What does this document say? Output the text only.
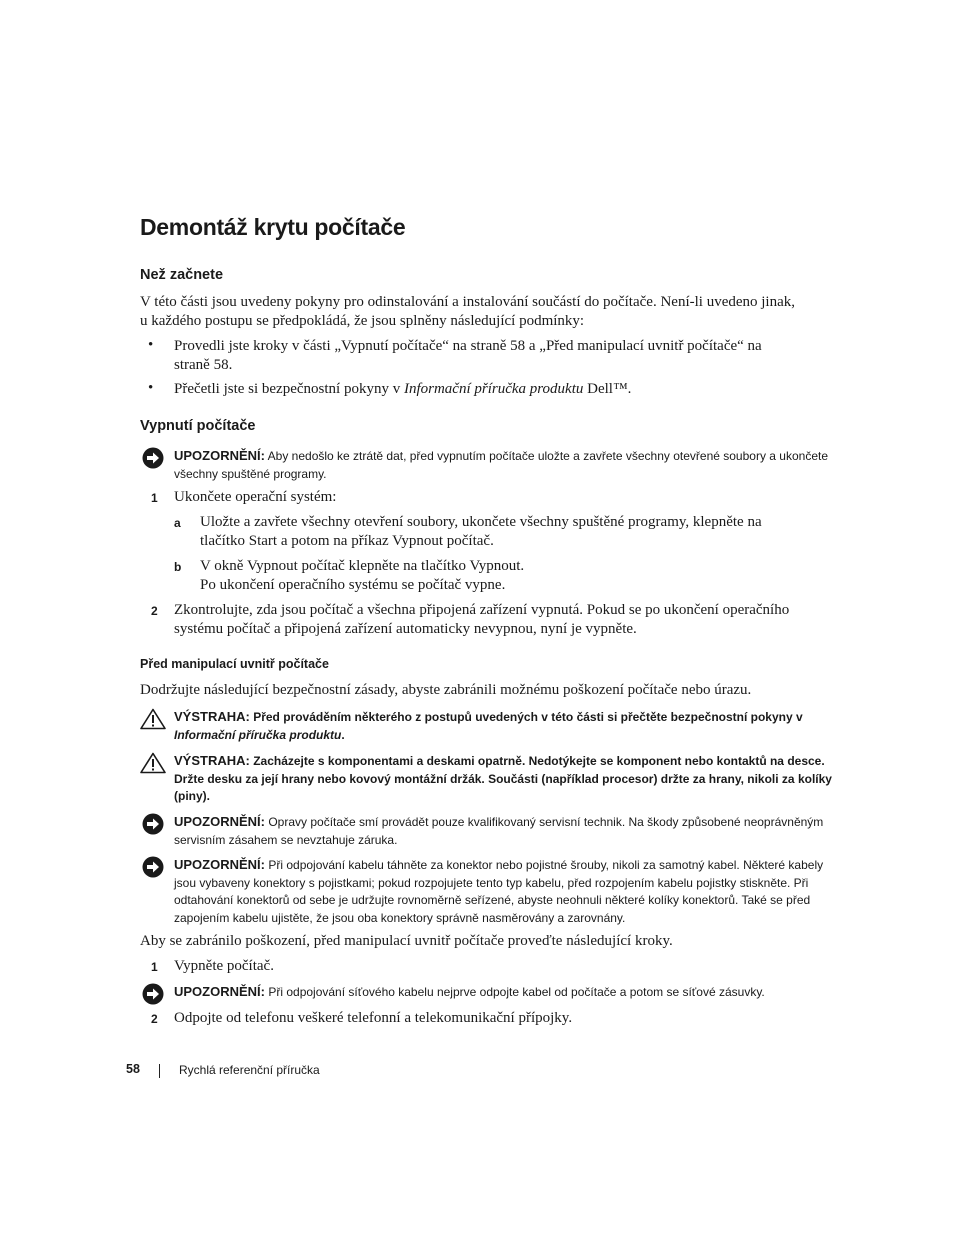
Demontáž krytu počítače
Než začnete
V této části jsou uvedeny pokyny pro odinstalování a instalování součástí do počítače. Není-li uvedeno jinak,
u každého postupu se předpokládá, že jsou splněny následující podmínky:
• Provedli jste kroky v části „Vypnutí počítače“ na straně 58 a „Před manipulací uvnitř počítače“ na
straně 58.
• Přečetli jste si bezpečnostní pokyny v Informační příručka produktu Dell™.
Vypnutí počítače
UPOZORNĚNÍ: Aby nedošlo ke ztrátě dat, před vypnutím počítače uložte a zavřete všechny otevřené soubory a ukončete
všechny spuštěné programy.
1 Ukončete operační systém:
a Uložte a zavřete všechny otevření soubory, ukončete všechny spuštěné programy, klepněte na
tlačítko Start a potom na příkaz Vypnout počítač.
b V okně Vypnout počítač klepněte na tlačítko Vypnout.
Po ukončení operačního systému se počítač vypne.
2 Zkontrolujte, zda jsou počítač a všechna připojená zařízení vypnutá. Pokud se po ukončení operačního
systému počítač a připojená zařízení automaticky nevypnou, nyní je vypněte.
Před manipulací uvnitř počítače
Dodržujte následující bezpečnostní zásady, abyste zabránili možnému poškození počítače nebo úrazu.
VÝSTRAHA: Před prováděním některého z postupů uvedených v této části si přečtěte bezpečnostní pokyny v
Informační příručka produktu.
VÝSTRAHA: Zacházejte s komponentami a deskami opatrně. Nedotýkejte se komponent nebo kontaktů na desce.
Držte desku za její hrany nebo kovový montážní držák. Součásti (například procesor) držte za hrany, nikoli za kolíky
(piny).
UPOZORNĚNÍ: Opravy počítače smí provádět pouze kvalifikovaný servisní technik. Na škody způsobené neoprávněným
servisním zásahem se nevztahuje záruka.
UPOZORNĚNÍ: Při odpojování kabelu táhněte za konektor nebo pojistné šrouby, nikoli za samotný kabel. Některé kabely
jsou vybaveny konektory s pojistkami; pokud rozpojujete tento typ kabelu, před rozpojením kabelu pojistky stiskněte. Při
odtahování konektorů od sebe je udržujte rovnoměrně seřízené, abyste neohnuli některé kolíky konektorů. Také se před
zapojením kabelu ujistěte, že jsou oba konektory správně nasměrovány a zarovnány.
Aby se zabránilo poškození, před manipulací uvnitř počítače proveďte následující kroky.
1 Vypněte počítač.
UPOZORNĚNÍ: Při odpojování síťového kabelu nejprve odpojte kabel od počítače a potom se síťové zásuvky.
2 Odpojte od telefonu veškeré telefonní a telekomunikační přípojky.
58	Rychlá referenční příručka
